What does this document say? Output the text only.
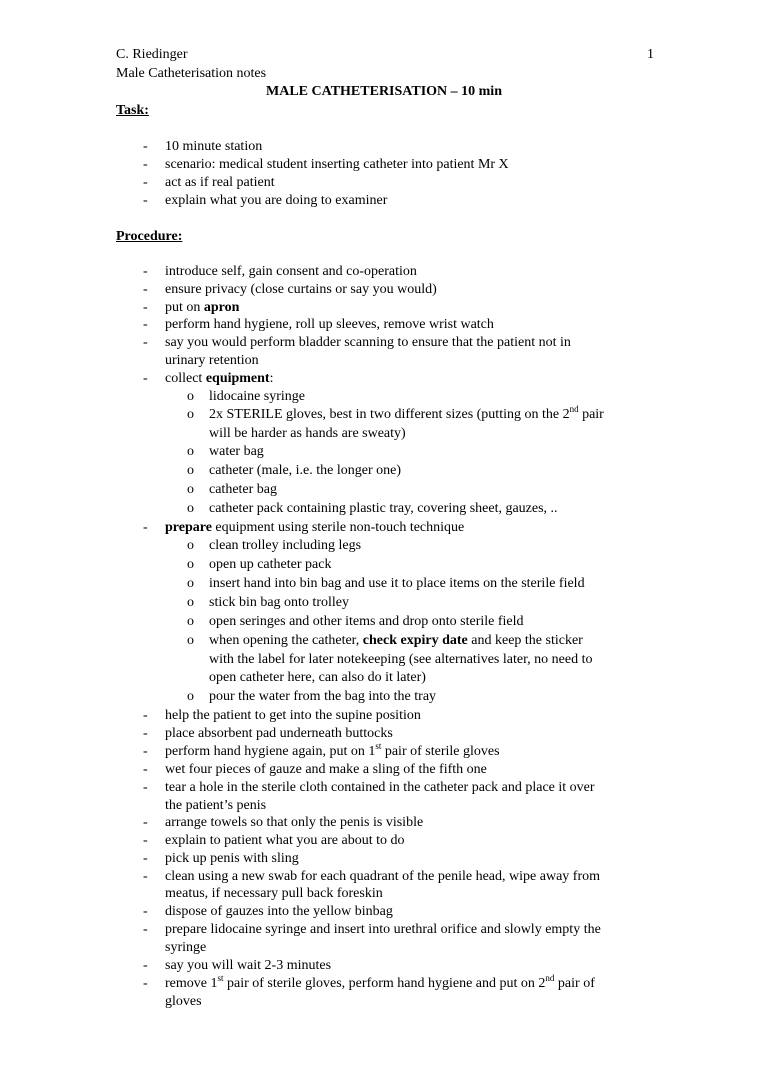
C. Riedinger	1
Male Catheterisation notes
MALE CATHETERISATION – 10 min
Task:
- 10 minute station
- scenario: medical student inserting catheter into patient Mr X
- act as if real patient
- explain what you are doing to examiner
Procedure:
- introduce self, gain consent and co-operation
- ensure privacy (close curtains or say you would)
- put on apron
- perform hand hygiene, roll up sleeves, remove wrist watch
- say you would perform bladder scanning to ensure that the patient not in
urinary retention
- collect equipment:
o lidocaine syringe
o 2x STERILE gloves, best in two different sizes (putting on the 2nd pair
will be harder as hands are sweaty)
o water bag
o catheter (male, i.e. the longer one)
o catheter bag
o catheter pack containing plastic tray, covering sheet, gauzes, ..
- prepare equipment using sterile non-touch technique
o clean trolley including legs
o open up catheter pack
o insert hand into bin bag and use it to place items on the sterile field
o stick bin bag onto trolley
o open seringes and other items and drop onto sterile field
o when opening the catheter, check expiry date and keep the sticker
with the label for later notekeeping (see alternatives later, no need to
open catheter here, can also do it later)
o pour the water from the bag into the tray
- help the patient to get into the supine position
- place absorbent pad underneath buttocks
- perform hand hygiene again, put on 1st pair of sterile gloves
- wet four pieces of gauze and make a sling of the fifth one
- tear a hole in the sterile cloth contained in the catheter pack and place it over
the patient’s penis
- arrange towels so that only the penis is visible
- explain to patient what you are about to do
- pick up penis with sling
- clean using a new swab for each quadrant of the penile head, wipe away from
meatus, if necessary pull back foreskin
- dispose of gauzes into the yellow binbag
- prepare lidocaine syringe and insert into urethral orifice and slowly empty the
syringe
- say you will wait 2-3 minutes
- remove 1st pair of sterile gloves, perform hand hygiene and put on 2nd pair of
gloves
